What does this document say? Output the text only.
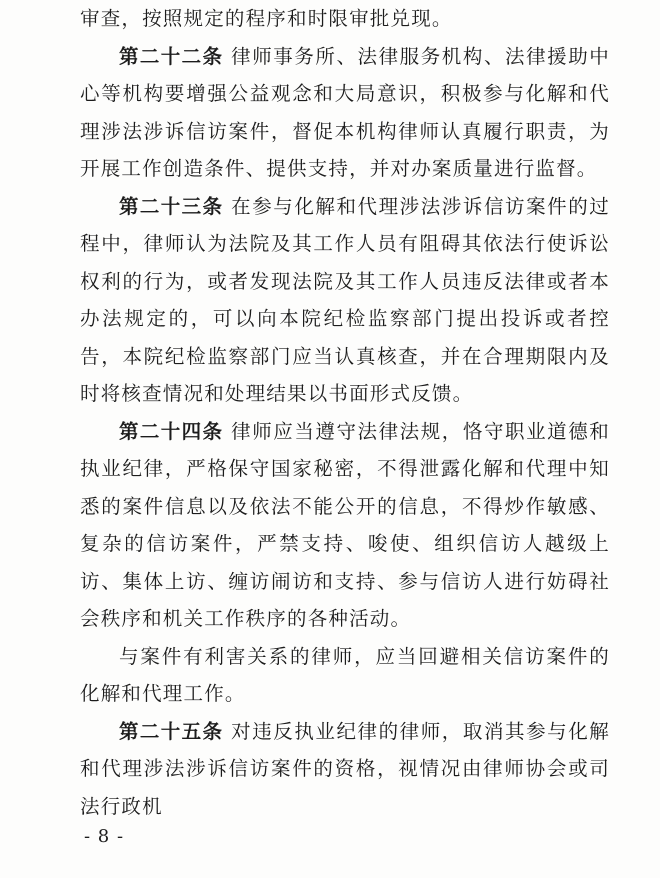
审查，按照规定的程序和时限审批兑现。

第二十二条 律师事务所、法律服务机构、法律援助中心等机构要增强公益观念和大局意识，积极参与化解和代理涉法涉诉信访案件，督促本机构律师认真履行职责，为开展工作创造条件、提供支持，并对办案质量进行监督。

第二十三条 在参与化解和代理涉法涉诉信访案件的过程中，律师认为法院及其工作人员有阻碍其依法行使诉讼权利的行为，或者发现法院及其工作人员违反法律或者本办法规定的，可以向本院纪检监察部门提出投诉或者控告，本院纪检监察部门应当认真核查，并在合理期限内及时将核查情况和处理结果以书面形式反馈。

第二十四条 律师应当遵守法律法规，恪守职业道德和执业纪律，严格保守国家秘密，不得泄露化解和代理中知悉的案件信息以及依法不能公开的信息，不得炒作敏感、复杂的信访案件，严禁支持、唆使、组织信访人越级上访、集体上访、缠访闹访和支持、参与信访人进行妨碍社会秩序和机关工作秩序的各种活动。

与案件有利害关系的律师，应当回避相关信访案件的化解和代理工作。

第二十五条 对违反执业纪律的律师，取消其参与化解和代理涉法涉诉信访案件的资格，视情况由律师协会或司法行政机

- 8 -
